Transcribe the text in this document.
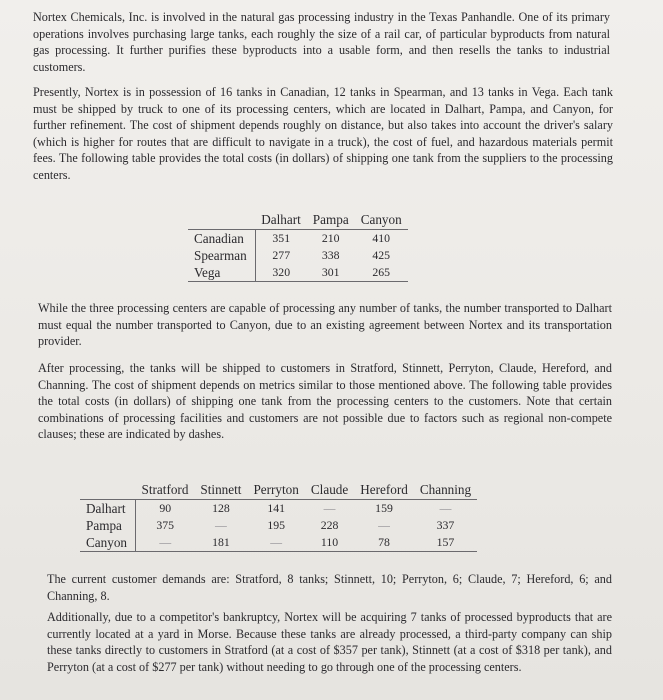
Nortex Chemicals, Inc. is involved in the natural gas processing industry in the Texas Panhandle. One of its primary operations involves purchasing large tanks, each roughly the size of a rail car, of particular byproducts from natural gas processing. It further purifies these byproducts into a usable form, and then resells the tanks to industrial customers.

Presently, Nortex is in possession of 16 tanks in Canadian, 12 tanks in Spearman, and 13 tanks in Vega. Each tank must be shipped by truck to one of its processing centers, which are located in Dalhart, Pampa, and Canyon, for further refinement. The cost of shipment depends roughly on distance, but also takes into account the driver's salary (which is higher for routes that are difficult to navigate in a truck), the cost of fuel, and hazardous materials permit fees. The following table provides the total costs (in dollars) of shipping one tank from the suppliers to the processing centers.

	Dalhart	Pampa	Canyon
Canadian	351	210	410
Spearman	277	338	425
Vega	320	301	265

While the three processing centers are capable of processing any number of tanks, the number transported to Dalhart must equal the number transported to Canyon, due to an existing agreement between Nortex and its transportation provider.

After processing, the tanks will be shipped to customers in Stratford, Stinnett, Perryton, Claude, Hereford, and Channing. The cost of shipment depends on metrics similar to those mentioned above. The following table provides the total costs (in dollars) of shipping one tank from the processing centers to the customers. Note that certain combinations of processing facilities and customers are not possible due to factors such as regional non-compete clauses; these are indicated by dashes.

	Stratford	Stinnett	Perryton	Claude	Hereford	Channing
Dalhart	90	128	141	—	159	—
Pampa	375	—	195	228	—	337
Canyon	—	181	—	110	78	157

The current customer demands are: Stratford, 8 tanks; Stinnett, 10; Perryton, 6; Claude, 7; Hereford, 6; and Channing, 8.

Additionally, due to a competitor's bankruptcy, Nortex will be acquiring 7 tanks of processed byproducts that are currently located at a yard in Morse. Because these tanks are already processed, a third-party company can ship these tanks directly to customers in Stratford (at a cost of $357 per tank), Stinnett (at a cost of $318 per tank), and Perryton (at a cost of $277 per tank) without needing to go through one of the processing centers.
